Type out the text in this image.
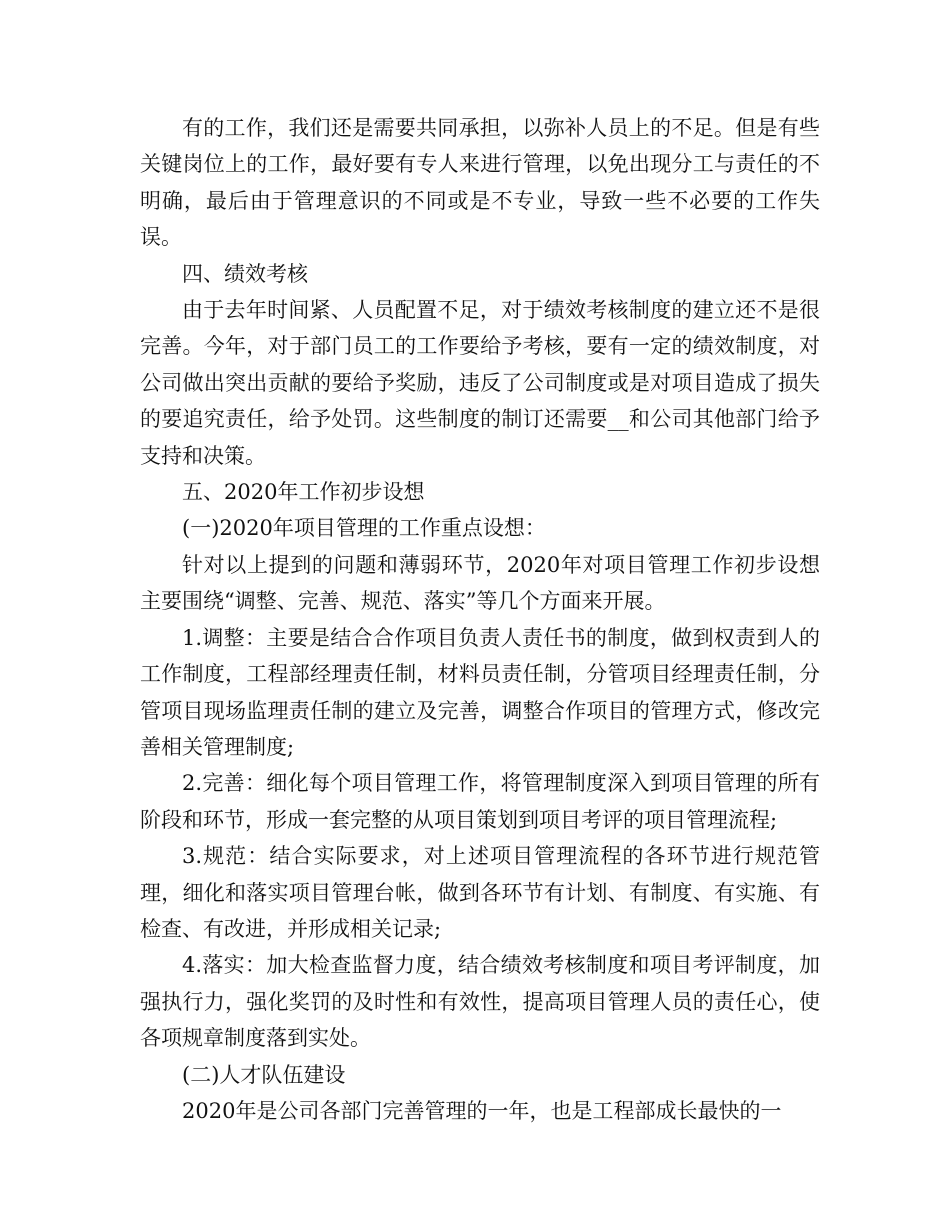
有的工作，我们还是需要共同承担，以弥补人员上的不足。但是有些关键岗位上的工作，最好要有专人来进行管理，以免出现分工与责任的不明确，最后由于管理意识的不同或是不专业，导致一些不必要的工作失误。

四、绩效考核

由于去年时间紧、人员配置不足，对于绩效考核制度的建立还不是很完善。今年，对于部门员工的工作要给予考核，要有一定的绩效制度，对公司做出突出贡献的要给予奖励，违反了公司制度或是对项目造成了损失的要追究责任，给予处罚。这些制度的制订还需要__和公司其他部门给予支持和决策。

五、2020年工作初步设想

(一)2020年项目管理的工作重点设想：

针对以上提到的问题和薄弱环节，2020年对项目管理工作初步设想主要围绕“调整、完善、规范、落实”等几个方面来开展。

1.调整：主要是结合合作项目负责人责任书的制度，做到权责到人的工作制度，工程部经理责任制，材料员责任制，分管项目经理责任制，分管项目现场监理责任制的建立及完善，调整合作项目的管理方式，修改完善相关管理制度;

2.完善：细化每个项目管理工作，将管理制度深入到项目管理的所有阶段和环节，形成一套完整的从项目策划到项目考评的项目管理流程;

3.规范：结合实际要求，对上述项目管理流程的各环节进行规范管理，细化和落实项目管理台帐，做到各环节有计划、有制度、有实施、有检查、有改进，并形成相关记录;

4.落实：加大检查监督力度，结合绩效考核制度和项目考评制度，加强执行力，强化奖罚的及时性和有效性，提高项目管理人员的责任心，使各项规章制度落到实处。

(二)人才队伍建设

2020年是公司各部门完善管理的一年，也是工程部成长最快的一
